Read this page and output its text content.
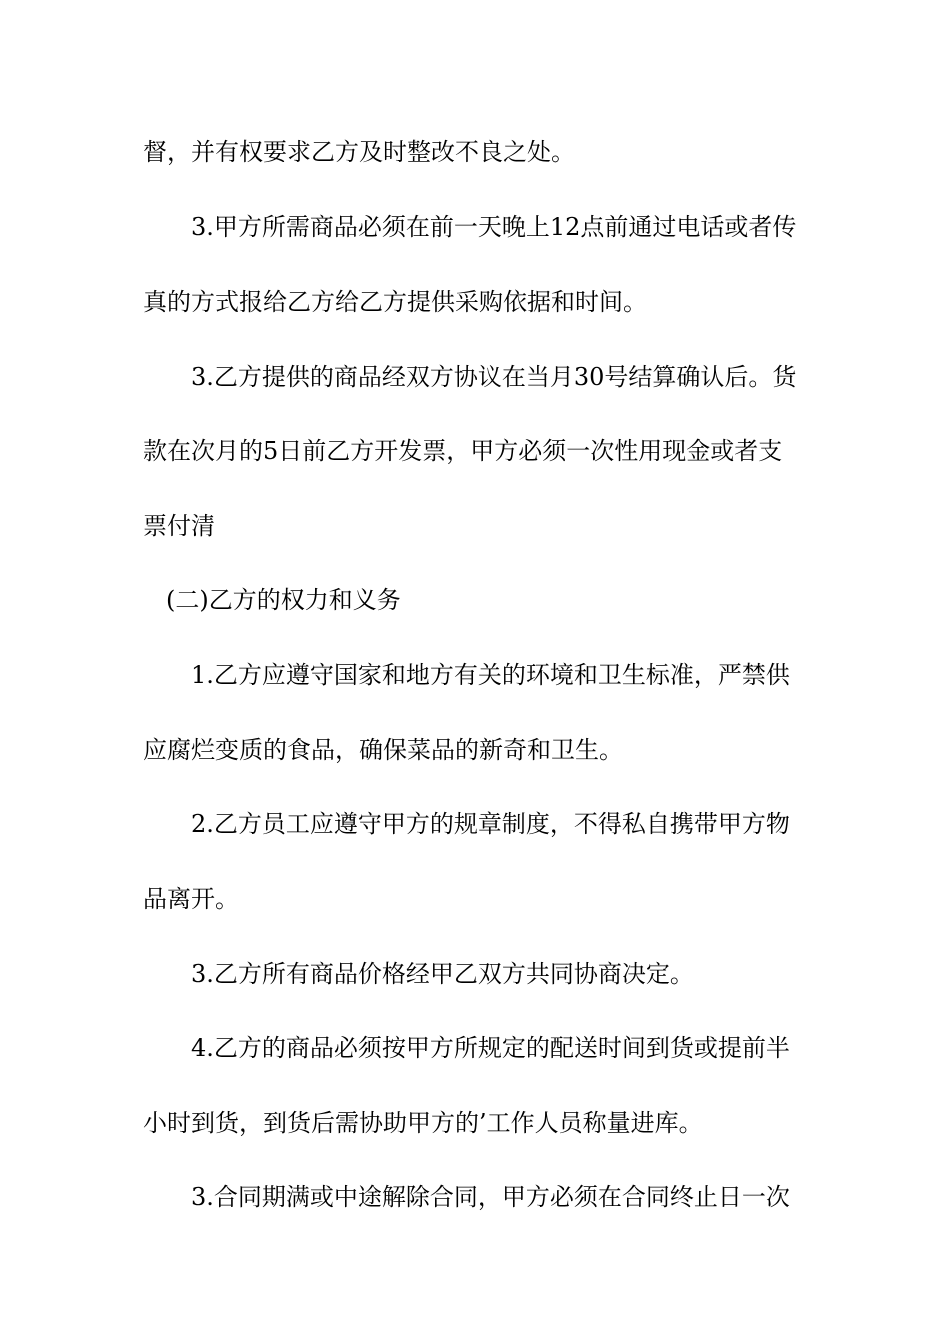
督，并有权要求乙方及时整改不良之处。
3.甲方所需商品必须在前一天晚上12点前通过电话或者传
真的方式报给乙方给乙方提供采购依据和时间。
3.乙方提供的商品经双方协议在当月30号结算确认后。货
款在次月的5日前乙方开发票，甲方必须一次性用现金或者支
票付清
(二)乙方的权力和义务
1.乙方应遵守国家和地方有关的环境和卫生标准，严禁供
应腐烂变质的食品，确保菜品的新奇和卫生。
2.乙方员工应遵守甲方的规章制度，不得私自携带甲方物
品离开。
3.乙方所有商品价格经甲乙双方共同协商决定。
4.乙方的商品必须按甲方所规定的配送时间到货或提前半
小时到货，到货后需协助甲方的’工作人员称量进库。
3.合同期满或中途解除合同，甲方必须在合同终止日一次
